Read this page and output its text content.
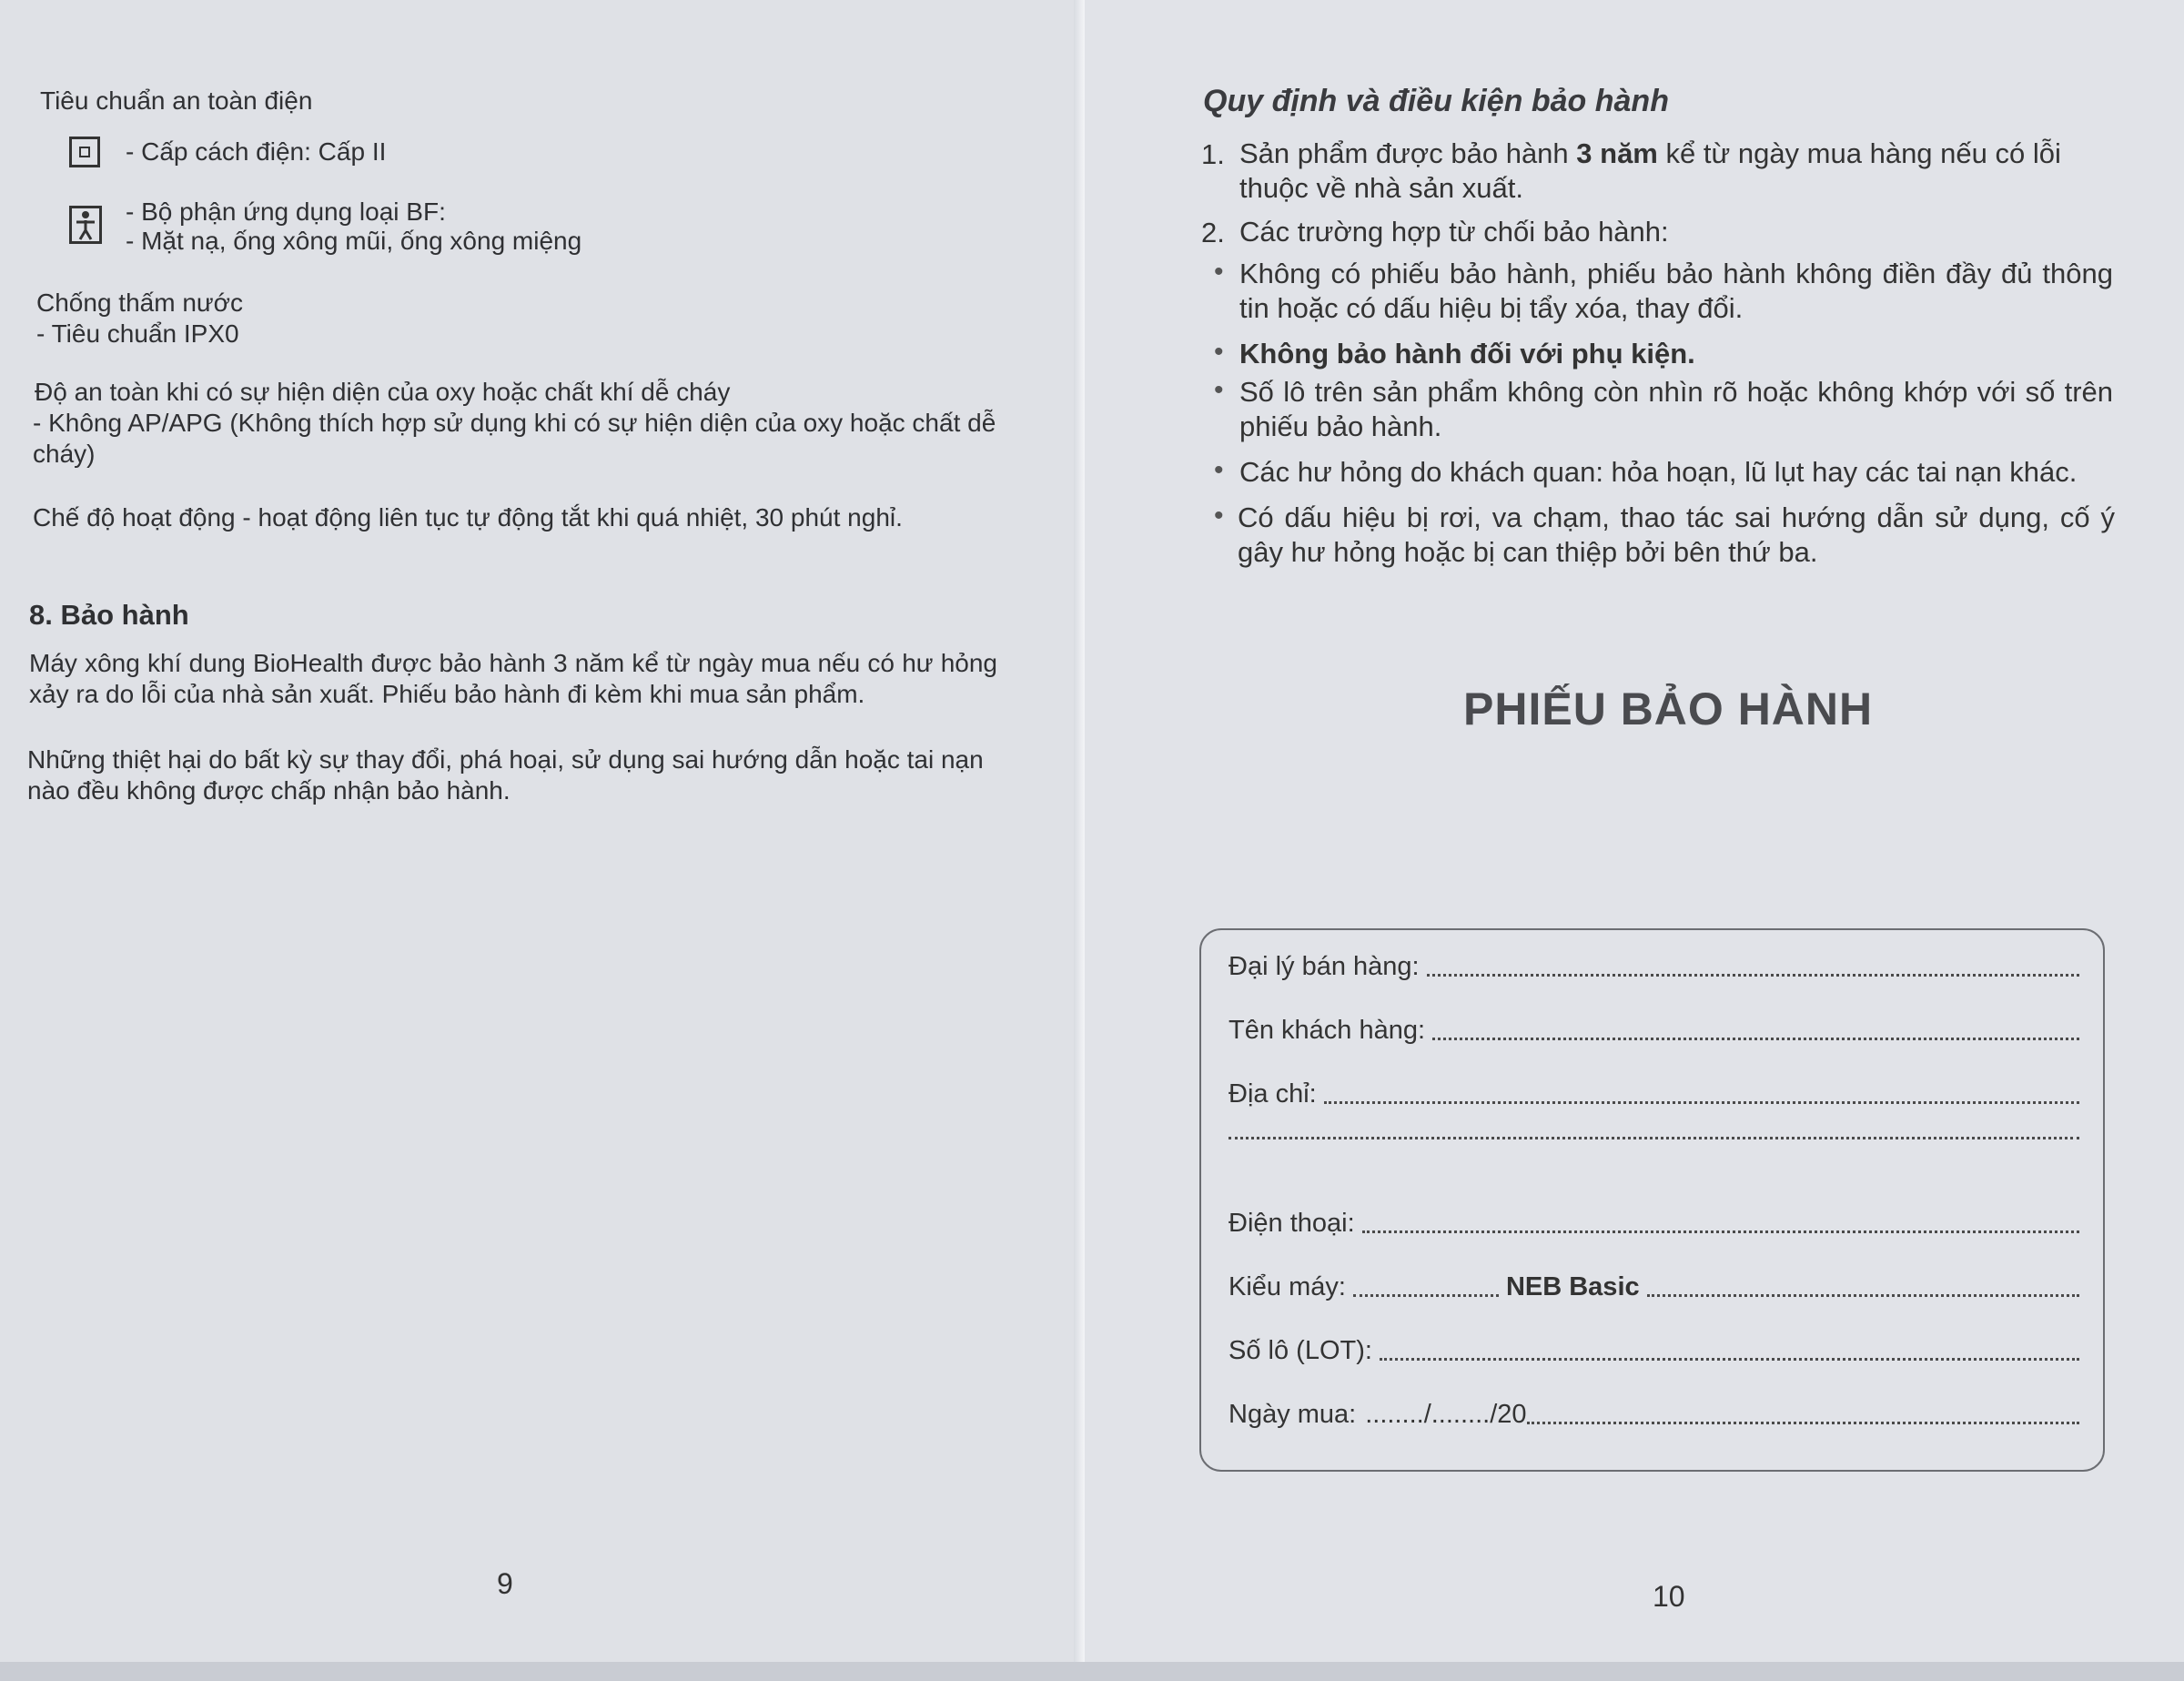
Tiêu chuẩn an toàn điện
- Cấp cách điện: Cấp II
- Bộ phận ứng dụng loại BF:
- Mặt nạ, ống xông mũi, ống xông miệng
Chống thấm nước
- Tiêu chuẩn IPX0
Độ an toàn khi có sự hiện diện của oxy hoặc chất khí dễ cháy
- Không AP/APG (Không thích hợp sử dụng khi có sự hiện diện của oxy hoặc chất dễ cháy)
Chế độ hoạt động - hoạt động liên tục tự động tắt khi quá nhiệt, 30 phút nghỉ.
8. Bảo hành
Máy xông khí dung BioHealth được bảo hành 3 năm kể từ ngày mua nếu có hư hỏng xảy ra do lỗi của nhà sản xuất. Phiếu bảo hành đi kèm khi mua sản phẩm.
Những thiệt hại do bất kỳ sự thay đổi, phá hoại, sử dụng sai hướng dẫn hoặc tai nạn nào đều không được chấp nhận bảo hành.
9
Quy định và điều kiện bảo hành
1. Sản phẩm được bảo hành 3 năm kể từ ngày mua hàng nếu có lỗi thuộc về nhà sản xuất.
2. Các trường hợp từ chối bảo hành:
• Không có phiếu bảo hành, phiếu bảo hành không điền đầy đủ thông tin hoặc có dấu hiệu bị tẩy xóa, thay đổi.
• Không bảo hành đối với phụ kiện.
• Số lô trên sản phẩm không còn nhìn rõ hoặc không khớp với số trên phiếu bảo hành.
• Các hư hỏng do khách quan: hỏa hoạn, lũ lụt hay các tai nạn khác.
• Có dấu hiệu bị rơi, va chạm, thao tác sai hướng dẫn sử dụng, cố ý gây hư hỏng hoặc bị can thiệp bởi bên thứ ba.
PHIẾU BẢO HÀNH
Đại lý bán hàng:
Tên khách hàng:
Địa chỉ:
Điện thoại:
Kiểu máy:	NEB Basic
Số lô (LOT):
Ngày mua: ......../......../20
10
